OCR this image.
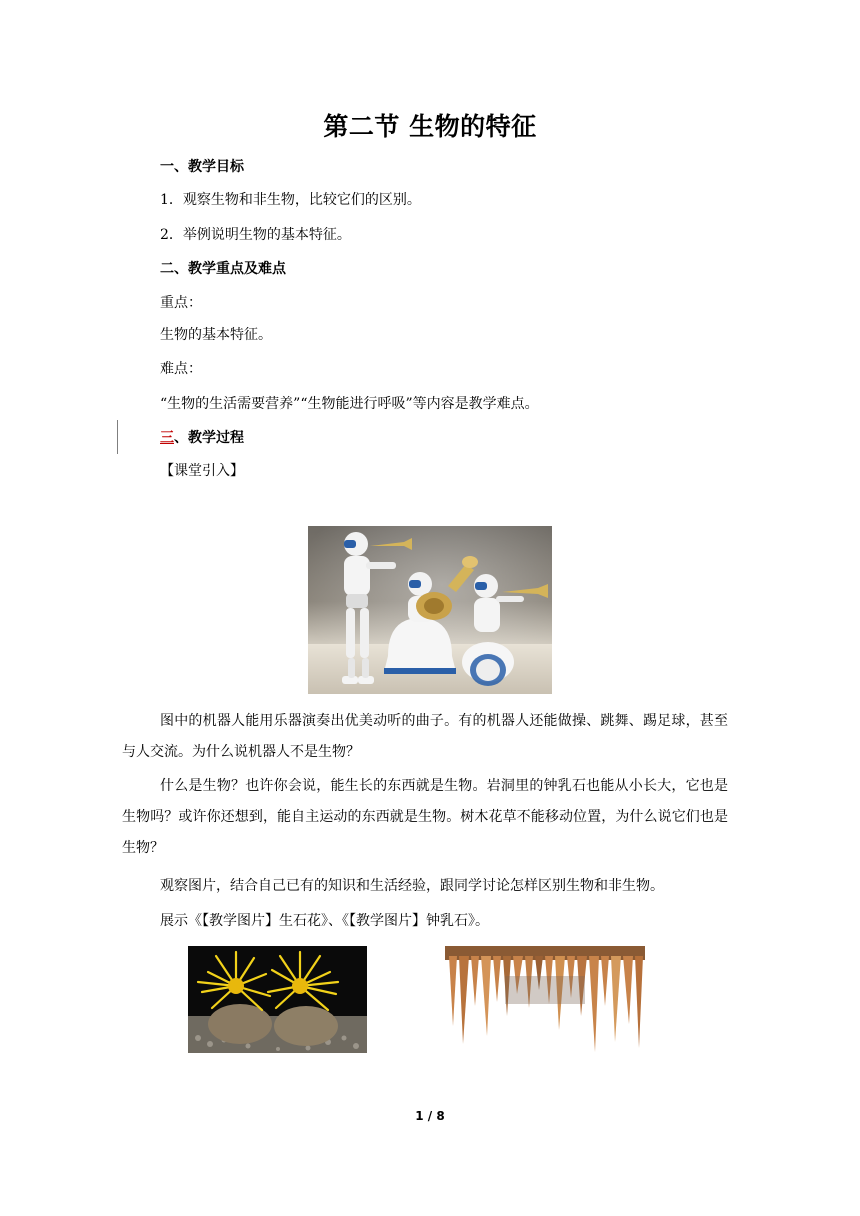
第二节 生物的特征
一、教学目标
1．观察生物和非生物，比较它们的区别。
2．举例说明生物的基本特征。
二、教学重点及难点
重点：
生物的基本特征。
难点：
“生物的生活需要营养”“生物能进行呼吸”等内容是教学难点。
三、教学过程
【课堂引入】
图中的机器人能用乐器演奏出优美动听的曲子。有的机器人还能做操、跳舞、踢足球，甚至与人交流。为什么说机器人不是生物？
什么是生物？也许你会说，能生长的东西就是生物。岩洞里的钟乳石也能从小长大，它也是生物吗？或许你还想到，能自主运动的东西就是生物。树木花草不能移动位置，为什么说它们也是生物？
观察图片，结合自己已有的知识和生活经验，跟同学讨论怎样区别生物和非生物。
展示《【教学图片】生石花》、《【教学图片】钟乳石》。
1 / 8
